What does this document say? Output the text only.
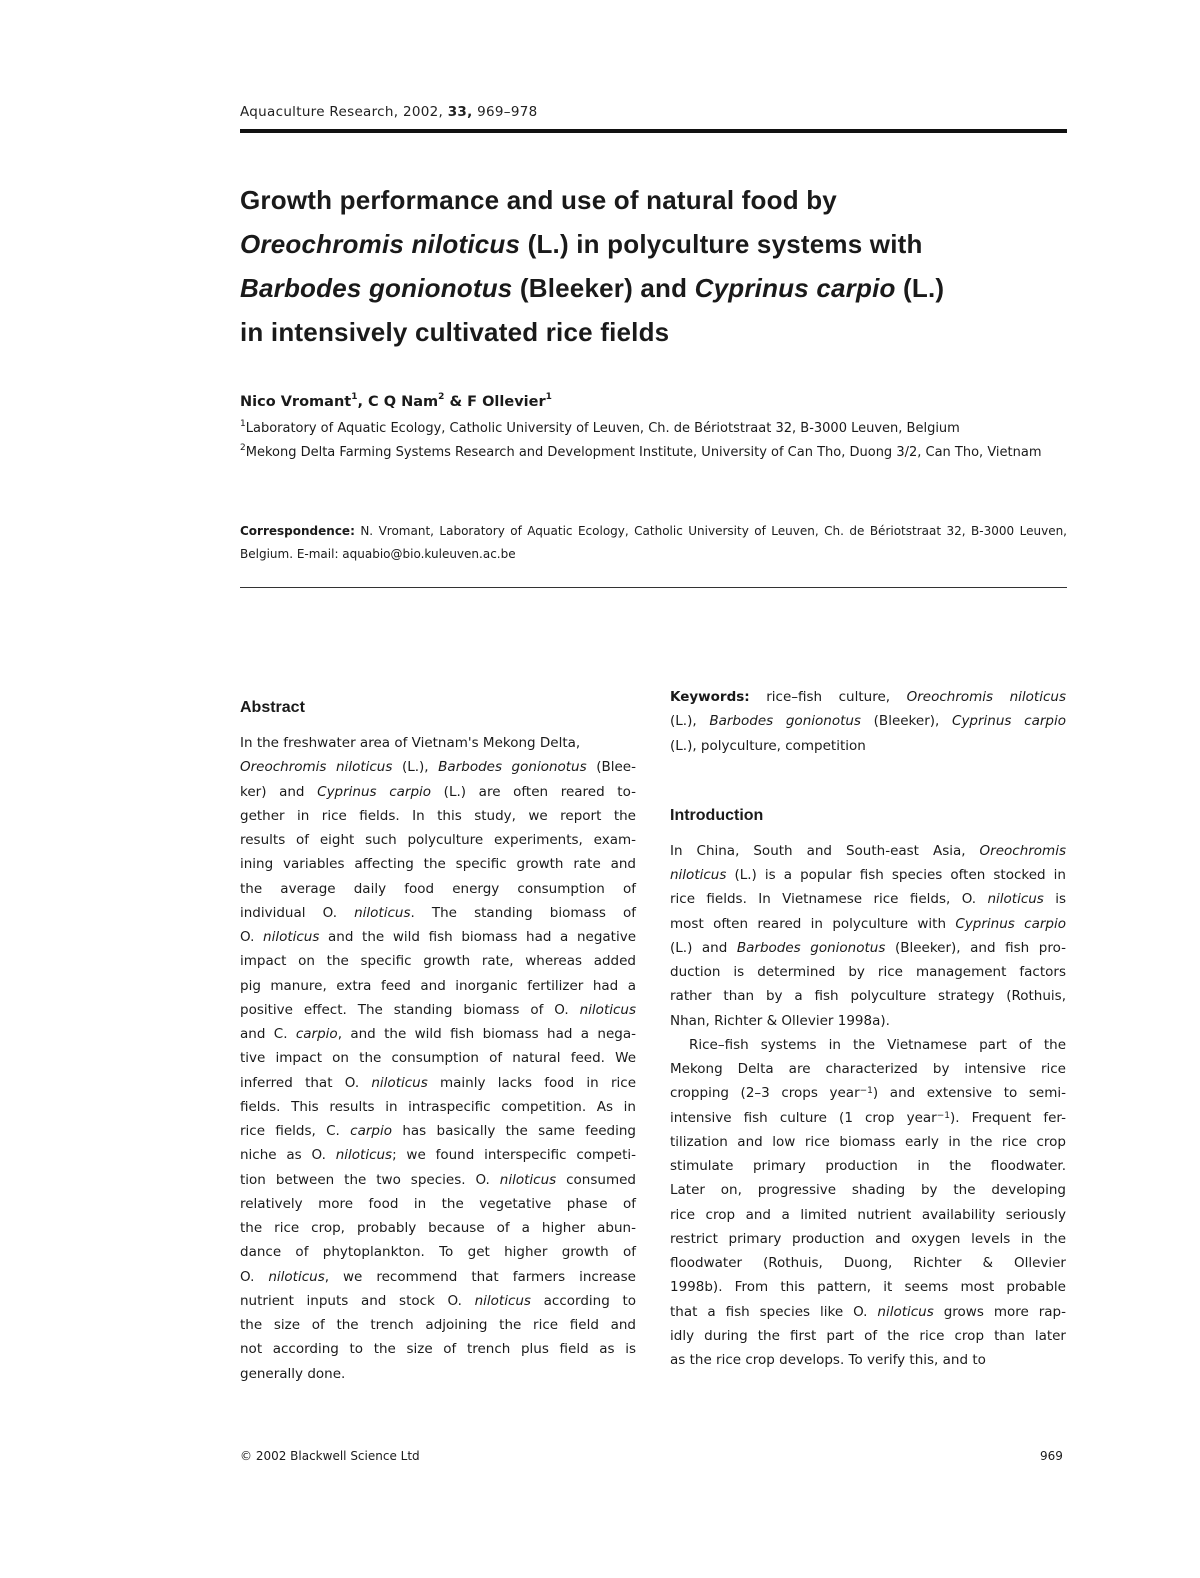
Aquaculture Research, 2002, 33, 969–978
Growth performance and use of natural food by
Oreochromis niloticus (L.) in polyculture systems with
Barbodes gonionotus (Bleeker) and Cyprinus carpio (L.)
in intensively cultivated rice fields
Nico Vromant$^1$, C Q Nam$^2$ & F Ollevier$^1$
$^1$Laboratory of Aquatic Ecology, Catholic University of Leuven, Ch. de Bériotstraat 32, B-3000 Leuven, Belgium
$^2$Mekong Delta Farming Systems Research and Development Institute, University of Can Tho, Duong 3/2, Can Tho, Vietnam
Correspondence: N. Vromant, Laboratory of Aquatic Ecology, Catholic University of Leuven, Ch. de Bériotstraat 32, B-3000 Leuven,
Belgium. E-mail: aquabio@bio.kuleuven.ac.be
Abstract
In the freshwater area of Vietnam's Mekong Delta,
Oreochromis niloticus (L.), Barbodes gonionotus (Blee-
ker) and Cyprinus carpio (L.) are often reared to-
gether in rice fields. In this study, we report the
results of eight such polyculture experiments, exam-
ining variables affecting the specific growth rate and
the average daily food energy consumption of
individual O. niloticus. The standing biomass of
O. niloticus and the wild fish biomass had a negative
impact on the specific growth rate, whereas added
pig manure, extra feed and inorganic fertilizer had a
positive effect. The standing biomass of O. niloticus
and C. carpio, and the wild fish biomass had a nega-
tive impact on the consumption of natural feed. We
inferred that O. niloticus mainly lacks food in rice
fields. This results in intraspecific competition. As in
rice fields, C. carpio has basically the same feeding
niche as O. niloticus; we found interspecific competi-
tion between the two species. O. niloticus consumed
relatively more food in the vegetative phase of
the rice crop, probably because of a higher abun-
dance of phytoplankton. To get higher growth of
O. niloticus, we recommend that farmers increase
nutrient inputs and stock O. niloticus according to
the size of the trench adjoining the rice field and
not according to the size of trench plus field as is
generally done.
Keywords: rice–fish culture, Oreochromis niloticus
(L.), Barbodes gonionotus (Bleeker), Cyprinus carpio
(L.), polyculture, competition
Introduction
In China, South and South-east Asia, Oreochromis
niloticus (L.) is a popular fish species often stocked in
rice fields. In Vietnamese rice fields, O. niloticus is
most often reared in polyculture with Cyprinus carpio
(L.) and Barbodes gonionotus (Bleeker), and fish pro-
duction is determined by rice management factors
rather than by a fish polyculture strategy (Rothuis,
Nhan, Richter & Ollevier 1998a).
Rice–fish systems in the Vietnamese part of the
Mekong Delta are characterized by intensive rice
cropping (2–3 crops year$^{-1}$) and extensive to semi-
intensive fish culture (1 crop year$^{-1}$). Frequent fer-
tilization and low rice biomass early in the rice crop
stimulate primary production in the floodwater.
Later on, progressive shading by the developing
rice crop and a limited nutrient availability seriously
restrict primary production and oxygen levels in the
floodwater (Rothuis, Duong, Richter & Ollevier
1998b). From this pattern, it seems most probable
that a fish species like O. niloticus grows more rap-
idly during the first part of the rice crop than later
as the rice crop develops. To verify this, and to
© 2002 Blackwell Science Ltd	969
